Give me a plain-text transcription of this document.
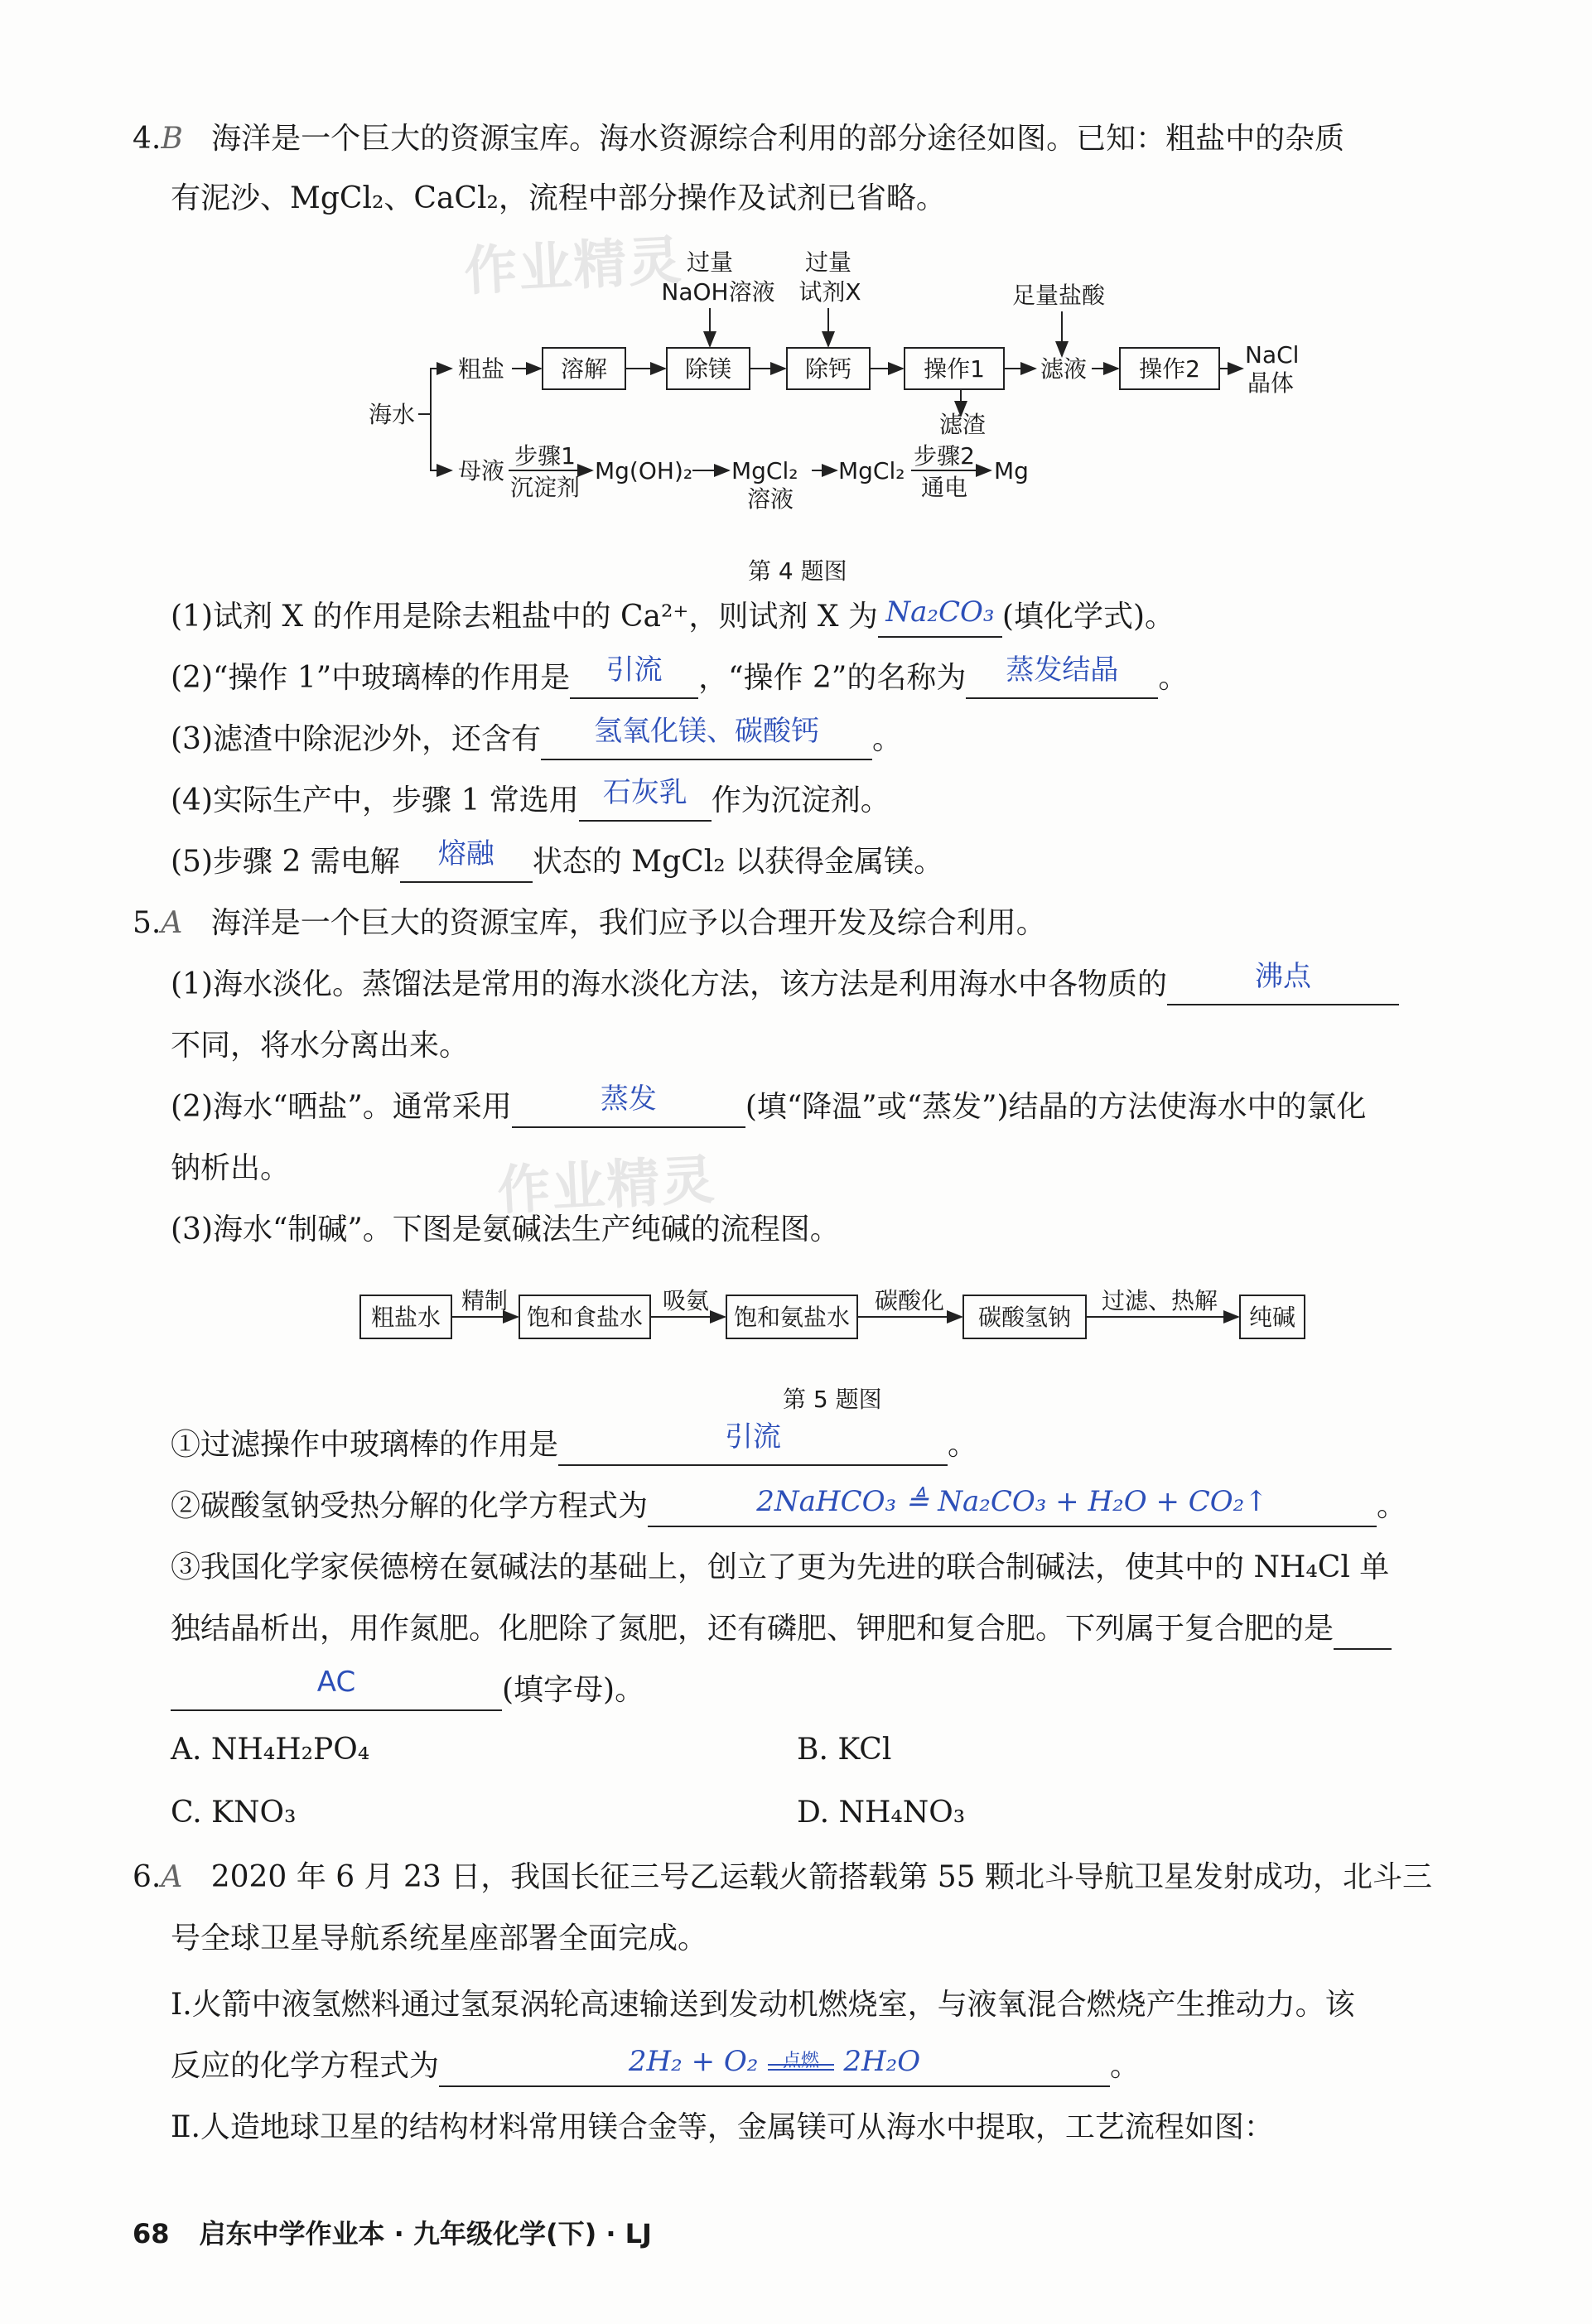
作业精灵
作业精灵
4.B 海洋是一个巨大的资源宝库。海水资源综合利用的部分途径如图。已知：粗盐中的杂质
有泥沙、MgCl₂、CaCl₂，流程中部分操作及试剂已省略。
溶解	除镁	除钙	操作1	操作2
海水
粗盐	滤液
NaCl
晶体
过量
NaOH溶液
过量
试剂X	足量盐酸
滤渣
母液
步骤1
沉淀剂
Mg(OH)₂ MgCl₂
溶液
MgCl₂
步骤2
通电
Mg
第 4 题图
(1)试剂 X 的作用是除去粗盐中的 Ca²⁺，则试剂 X 为 Na₂CO₃ (填化学式)。
(2)“操作 1”中玻璃棒的作用是 引流 ，“操作 2”的名称为 蒸发结晶 。
(3)滤渣中除泥沙外，还含有 氢氧化镁、碳酸钙 。
(4)实际生产中，步骤 1 常选用 石灰乳 作为沉淀剂。
(5)步骤 2 需电解 熔融 状态的 MgCl₂ 以获得金属镁。
5.A 海洋是一个巨大的资源宝库，我们应予以合理开发及综合利用。
(1)海水淡化。蒸馏法是常用的海水淡化方法，该方法是利用海水中各物质的	沸点
不同，将水分离出来。
(2)海水“晒盐”。通常采用	蒸发	(填“降温”或“蒸发”)结晶的方法使海水中的氯化
钠析出。
(3)海水“制碱”。下图是氨碱法生产纯碱的流程图。
粗盐水	饱和食盐水	饱和氨盐水	碳酸氢钠	纯碱
精制	吸氨	碳酸化	过滤、热解
第 5 题图
①过滤操作中玻璃棒的作用是	引流	。
②碳酸氢钠受热分解的化学方程式为	2NaHCO₃ ≜ Na₂CO₃ + H₂O + CO₂↑	。
③我国化学家侯德榜在氨碱法的基础上，创立了更为先进的联合制碱法，使其中的 NH₄Cl 单
独结晶析出，用作氮肥。化肥除了氮肥，还有磷肥、钾肥和复合肥。下列属于复合肥的是
AC	(填字母)。
A. NH₄H₂PO₄	B. KCl
C. KNO₃	D. NH₄NO₃
6.A 2020 年 6 月 23 日，我国长征三号乙运载火箭搭载第 55 颗北斗导航卫星发射成功，北斗三
号全球卫星导航系统星座部署全面完成。
Ⅰ.火箭中液氢燃料通过氢泵涡轮高速输送到发动机燃烧室，与液氧混合燃烧产生推动力。该
反应的化学方程式为	2H₂ + O₂	点燃 2H₂O	。
Ⅱ.人造地球卫星的结构材料常用镁合金等，金属镁可从海水中提取，工艺流程如图：
68 启东中学作业本 · 九年级化学(下) · LJ
